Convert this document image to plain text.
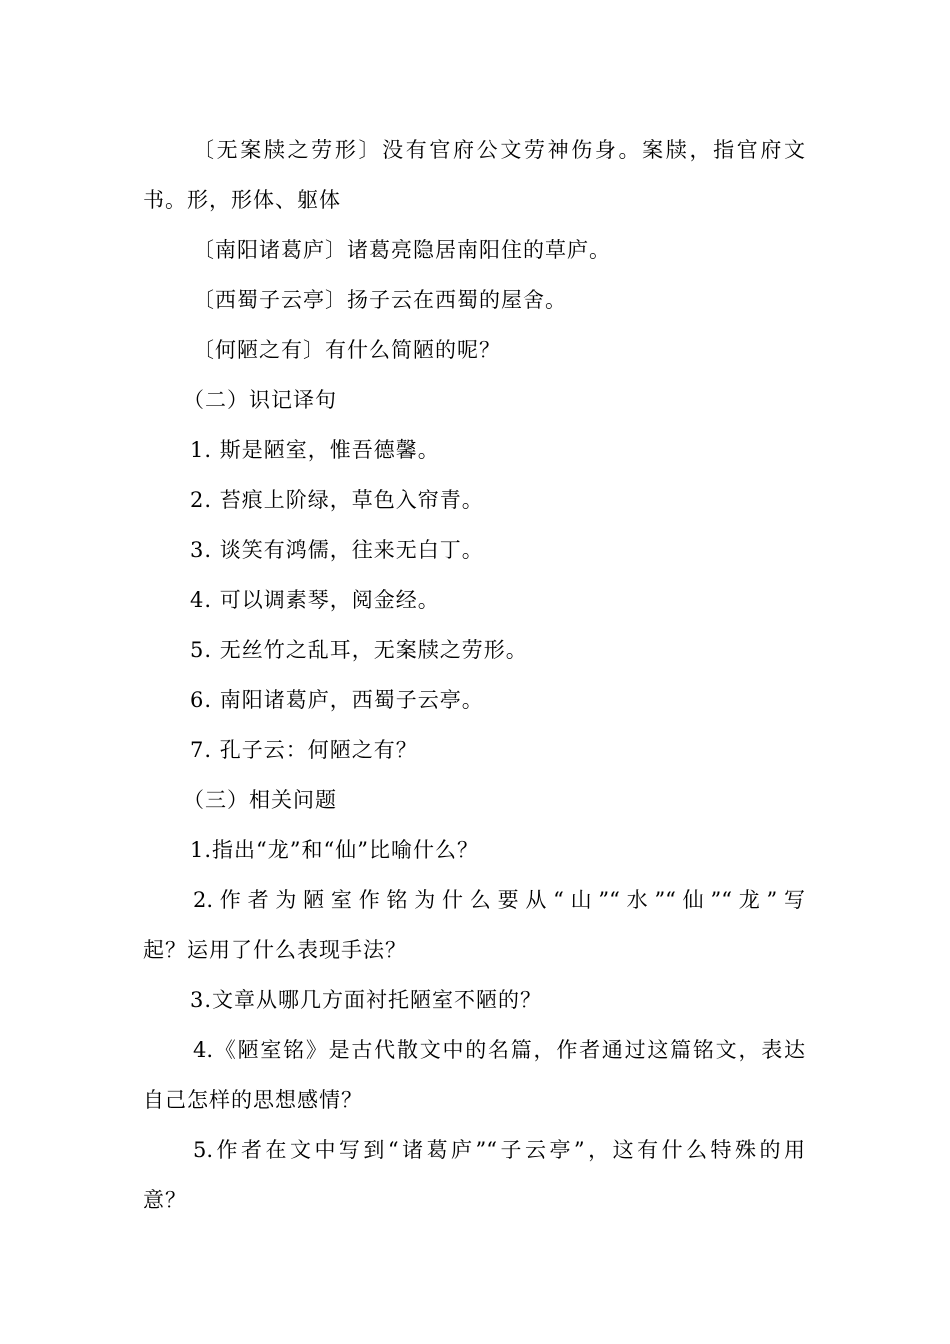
〔无案牍之劳形〕没有官府公文劳神伤身。案牍，指官府文
书。形，形体、躯体
〔南阳诸葛庐〕诸葛亮隐居南阳住的草庐。
〔西蜀子云亭〕扬子云在西蜀的屋舍。
〔何陋之有〕有什么简陋的呢？
（二）识记译句
1. 斯是陋室，惟吾德馨。
2. 苔痕上阶绿，草色入帘青。
3. 谈笑有鸿儒，往来无白丁。
4. 可以调素琴，阅金经。
5. 无丝竹之乱耳，无案牍之劳形。
6. 南阳诸葛庐，西蜀子云亭。
7. 孔子云：何陋之有？
（三）相关问题
1.指出“龙”和“仙”比喻什么？
2.作者为陋室作铭为什么要从“山”“水”“仙”“龙”写
起？运用了什么表现手法？
3.文章从哪几方面衬托陋室不陋的？
4.《陋室铭》是古代散文中的名篇，作者通过这篇铭文，表达
自己怎样的思想感情？
5.作者在文中写到“诸葛庐”“子云亭”，这有什么特殊的用
意？
